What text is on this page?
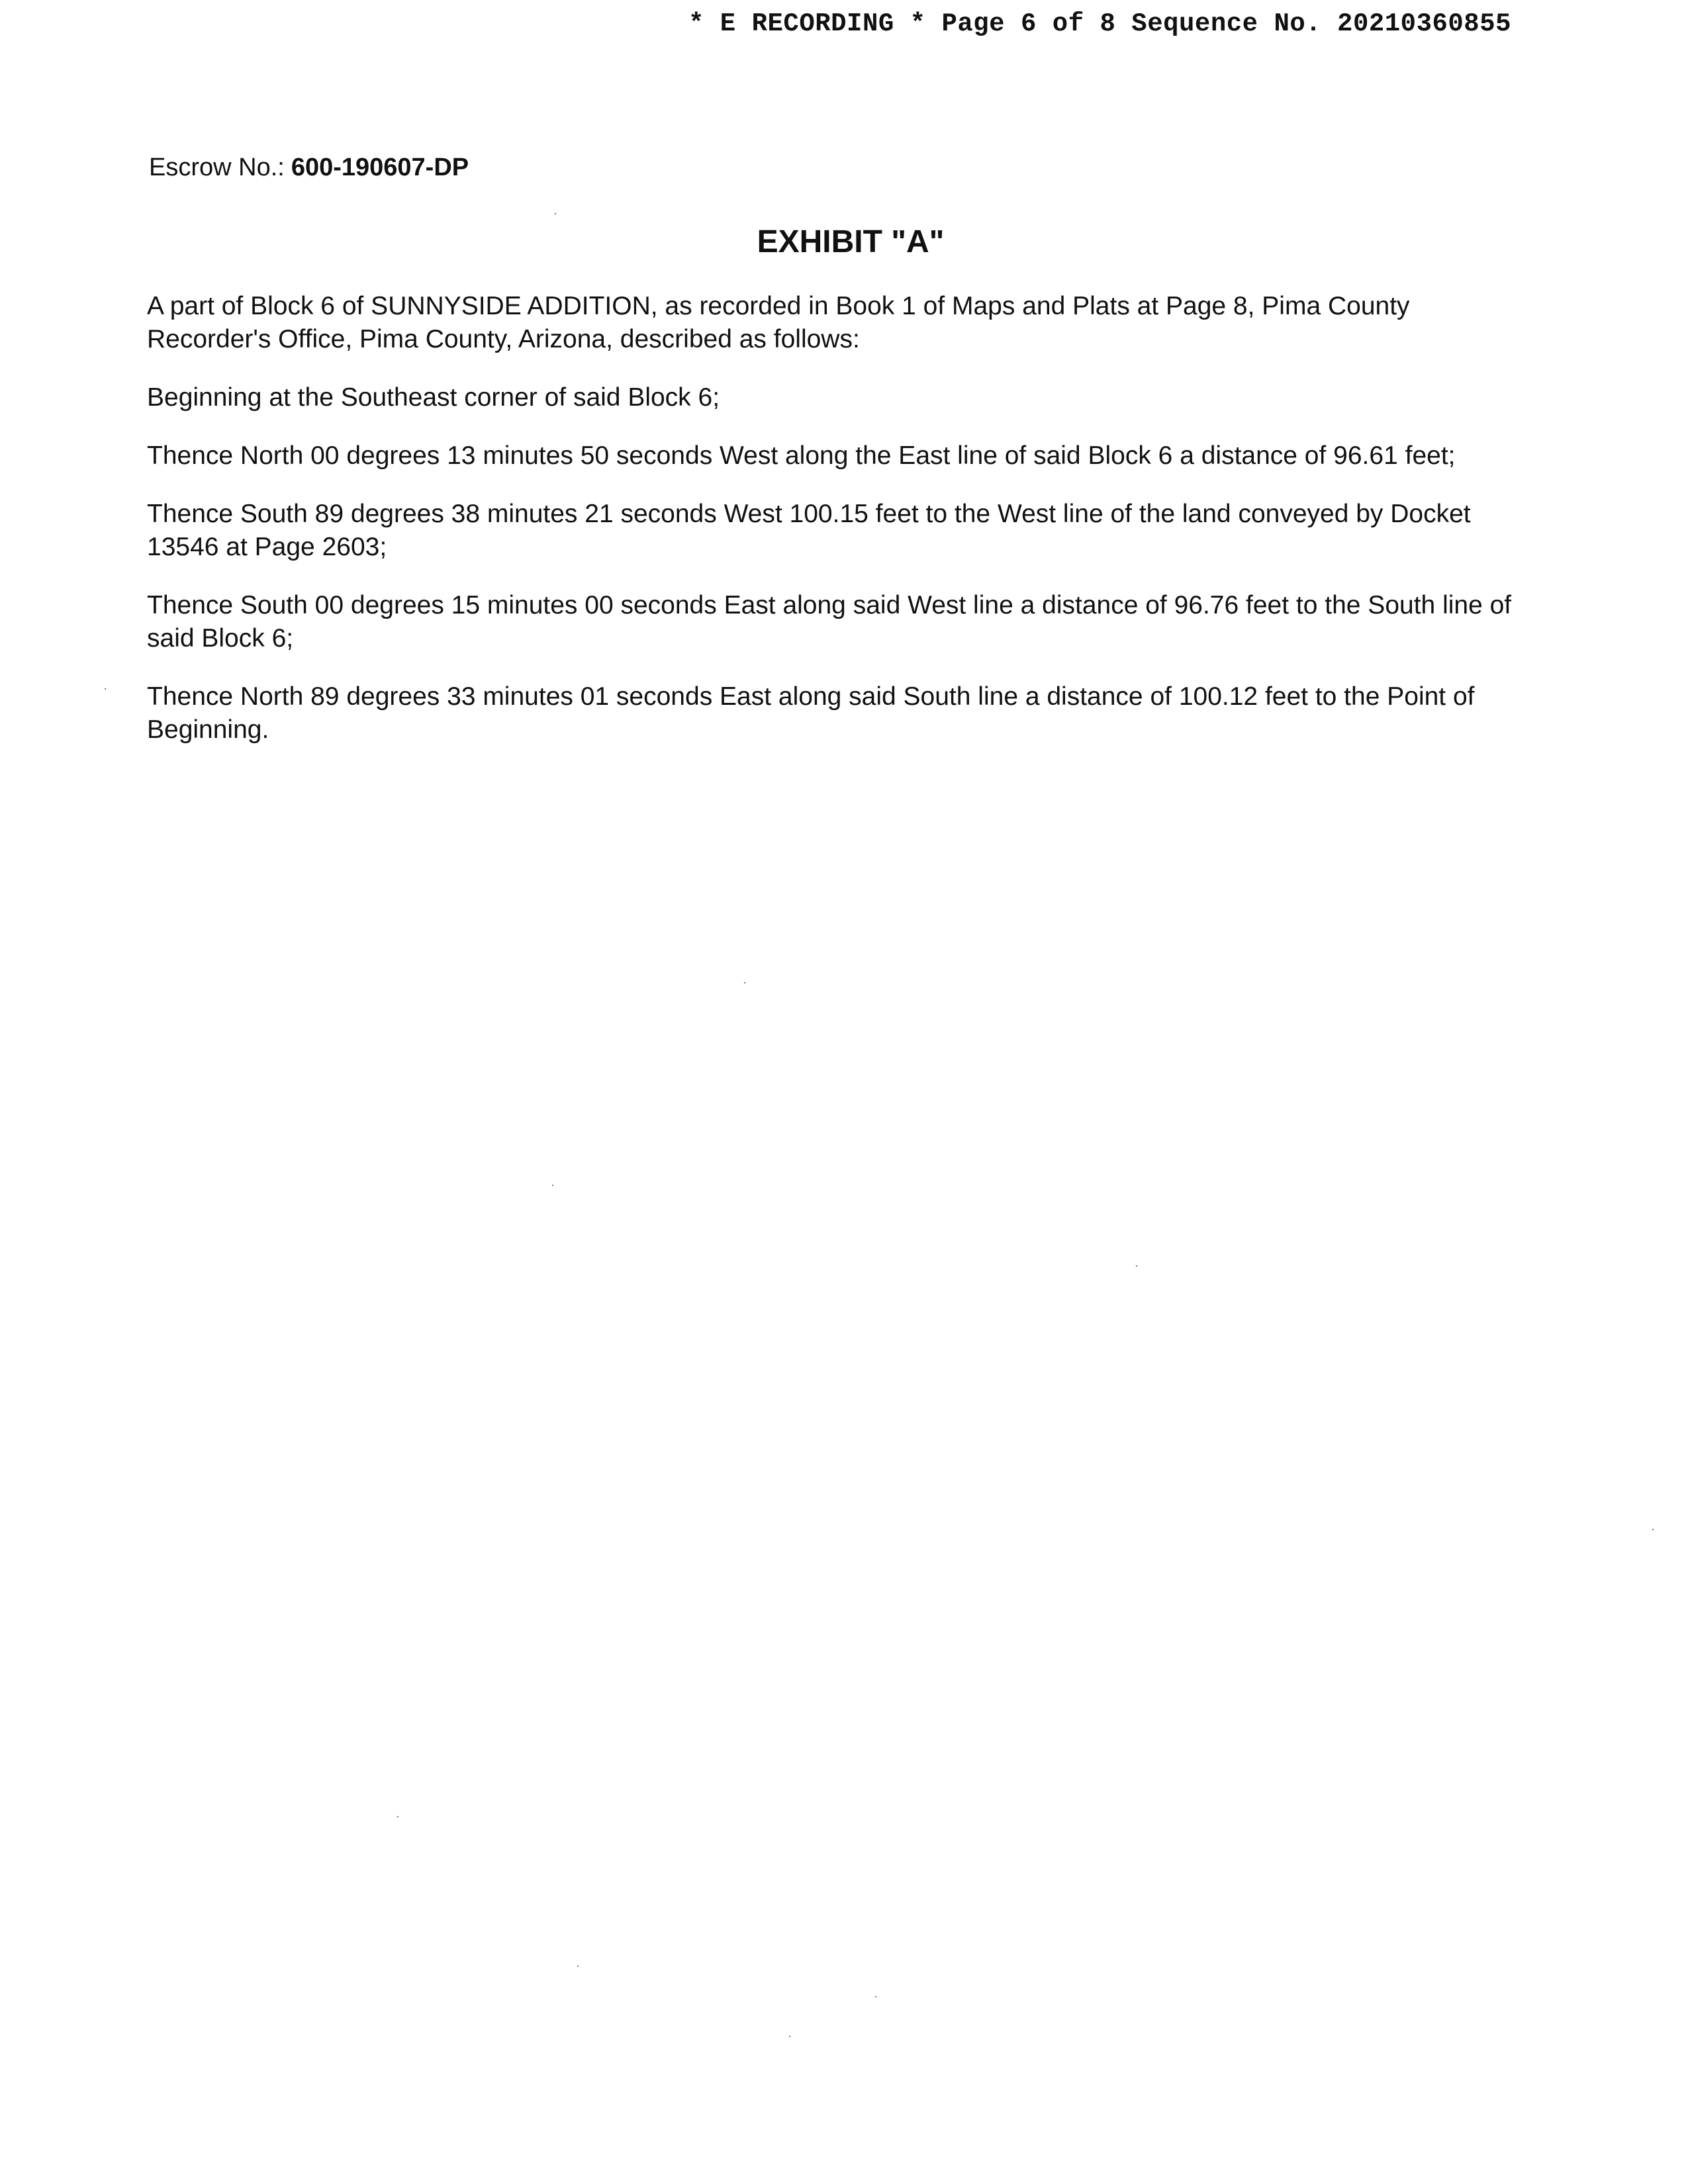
* E RECORDING * Page 6 of 8 Sequence No. 20210360855
Escrow No.: 600-190607-DP
EXHIBIT "A"

A part of Block 6 of SUNNYSIDE ADDITION, as recorded in Book 1 of Maps and Plats at Page 8, Pima County Recorder's Office, Pima County, Arizona, described as follows:

Beginning at the Southeast corner of said Block 6;

Thence North 00 degrees 13 minutes 50 seconds West along the East line of said Block 6 a distance of 96.61 feet;

Thence South 89 degrees 38 minutes 21 seconds West 100.15 feet to the West line of the land conveyed by Docket 13546 at Page 2603;

Thence South 00 degrees 15 minutes 00 seconds East along said West line a distance of 96.76 feet to the South line of said Block 6;

Thence North 89 degrees 33 minutes 01 seconds East along said South line a distance of 100.12 feet to the Point of Beginning.
